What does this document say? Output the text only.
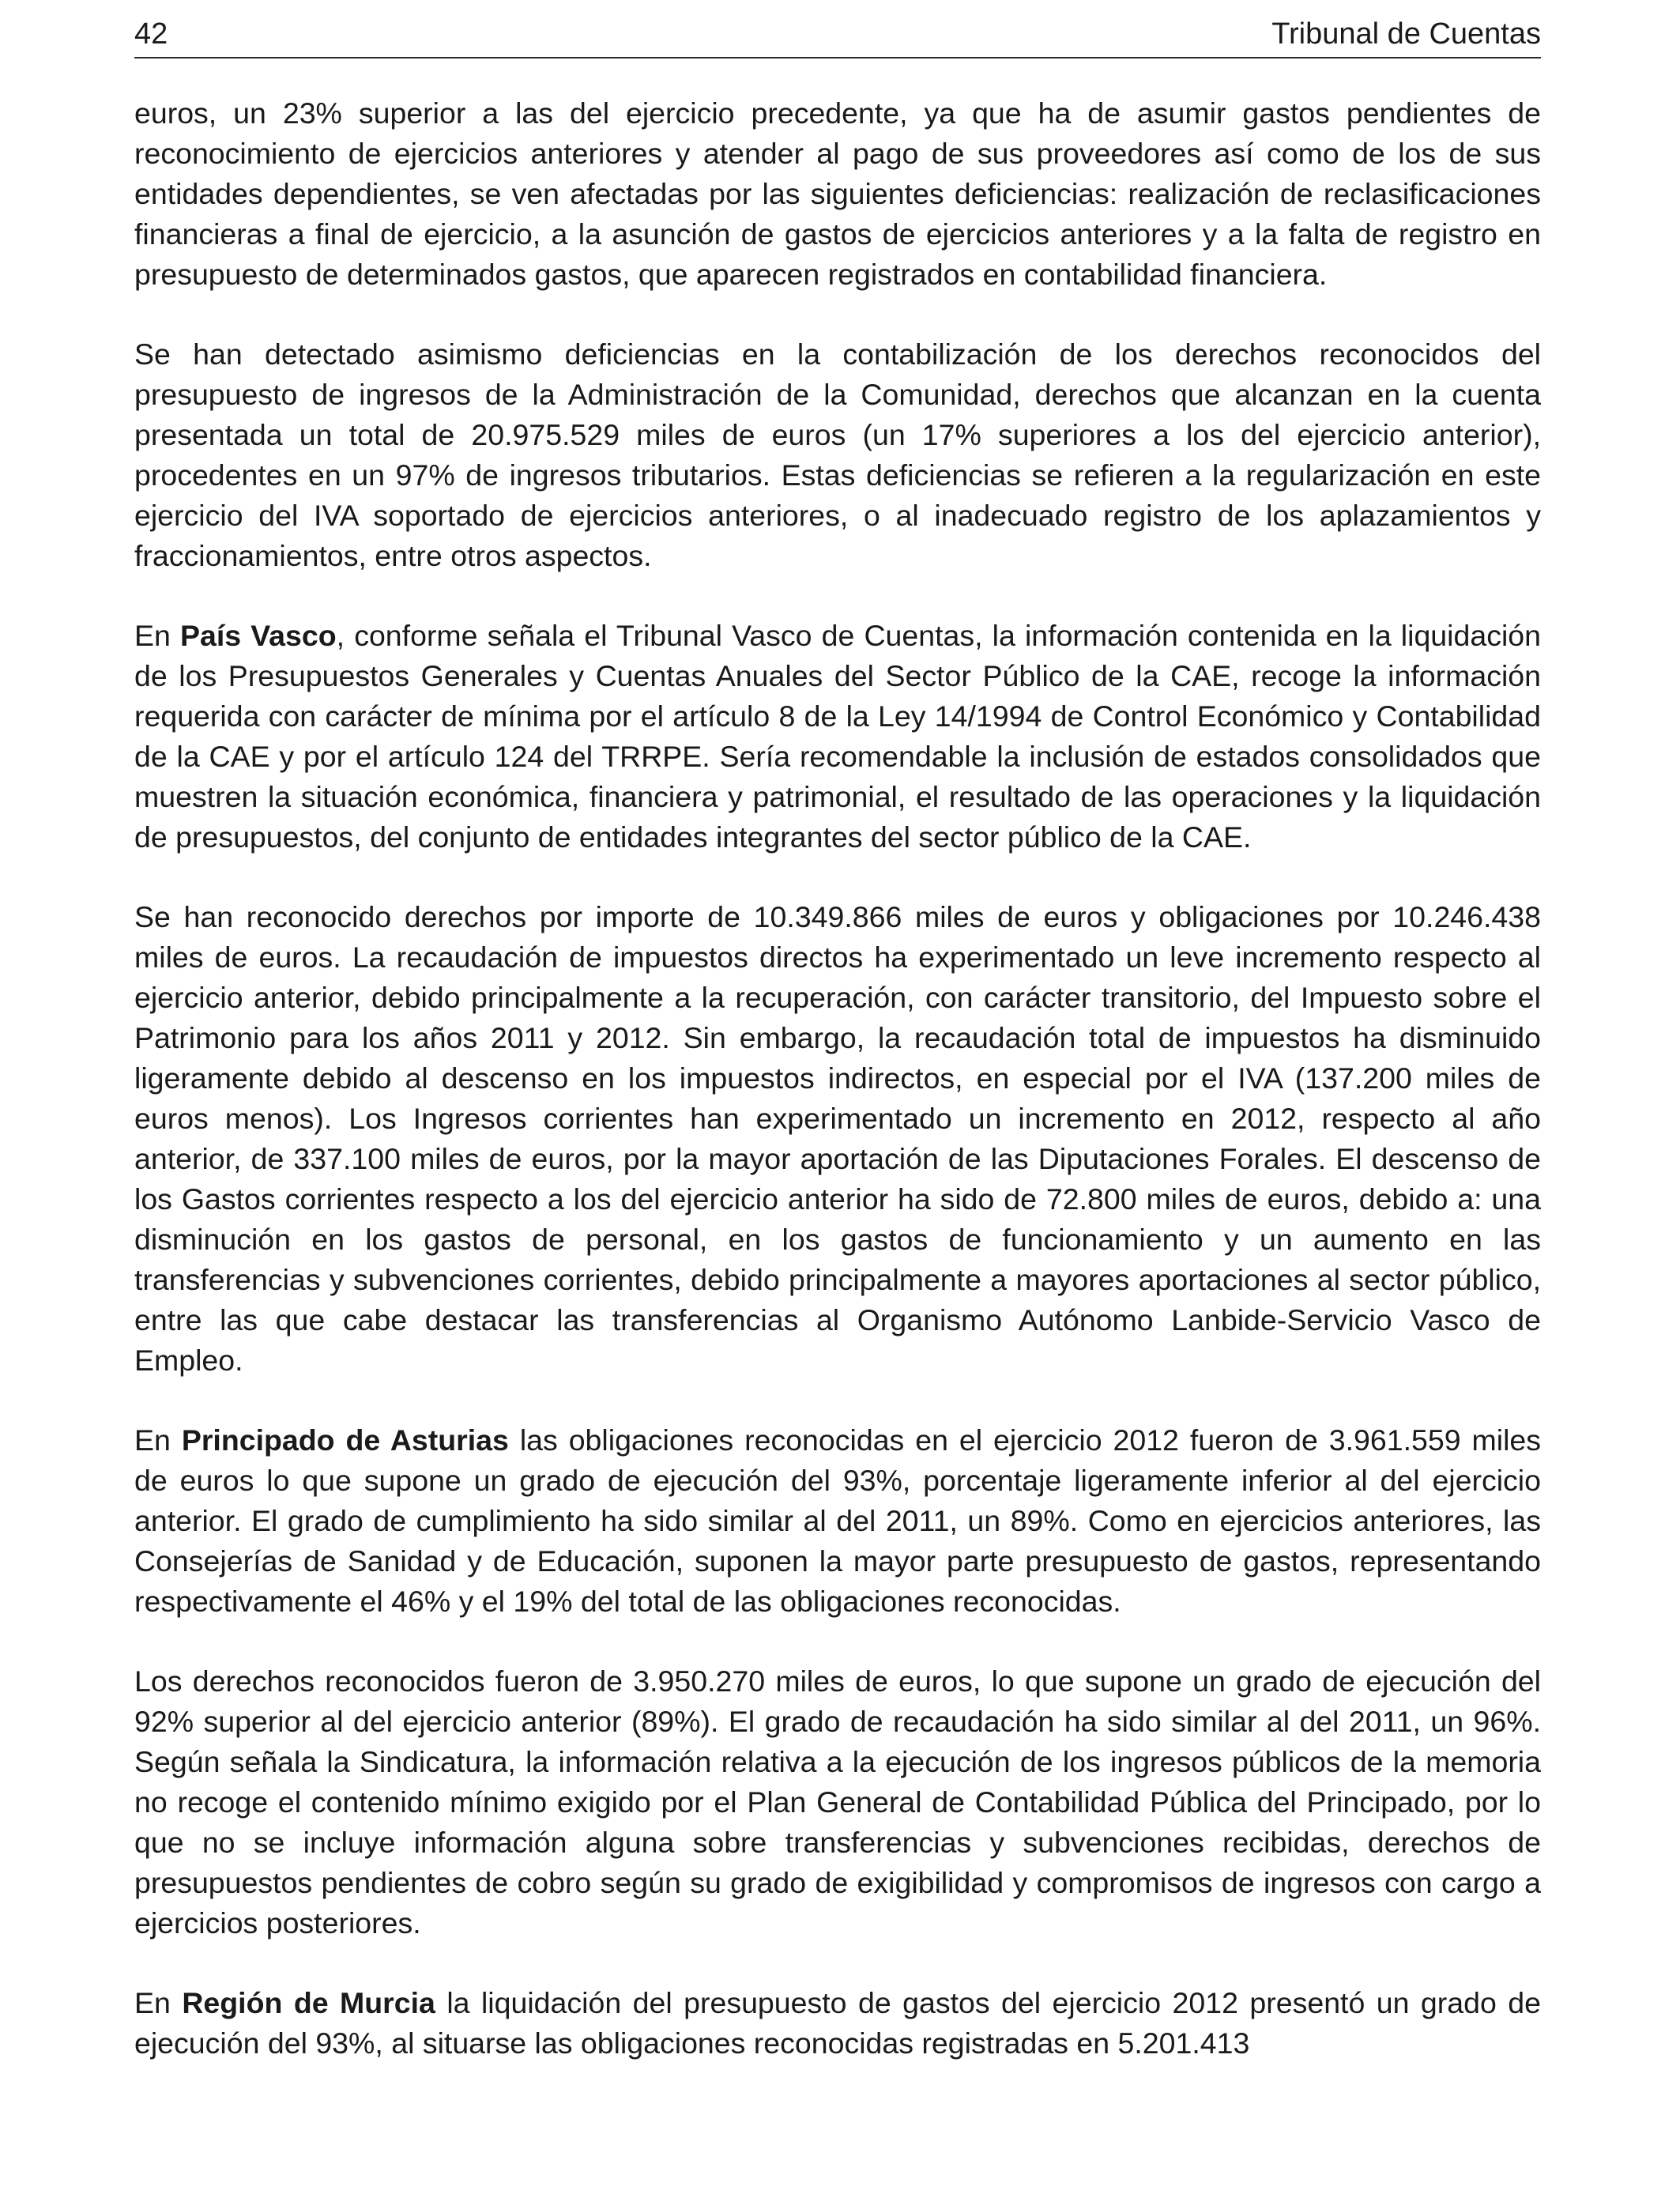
42	Tribunal de Cuentas

euros, un 23% superior a las del ejercicio precedente, ya que ha de asumir gastos pendientes de reconocimiento de ejercicios anteriores y atender al pago de sus proveedores así como de los de sus entidades dependientes, se ven afectadas por las siguientes deficiencias: realización de reclasificaciones financieras a final de ejercicio, a la asunción de gastos de ejercicios anteriores y a la falta de registro en presupuesto de determinados gastos, que aparecen registrados en contabilidad financiera.

Se han detectado asimismo deficiencias en la contabilización de los derechos reconocidos del presupuesto de ingresos de la Administración de la Comunidad, derechos que alcanzan en la cuenta presentada un total de 20.975.529 miles de euros (un 17% superiores a los del ejercicio anterior), procedentes en un 97% de ingresos tributarios. Estas deficiencias se refieren a la regularización en este ejercicio del IVA soportado de ejercicios anteriores, o al inadecuado registro de los aplazamientos y fraccionamientos, entre otros aspectos.

En País Vasco, conforme señala el Tribunal Vasco de Cuentas, la información contenida en la liquidación de los Presupuestos Generales y Cuentas Anuales del Sector Público de la CAE, recoge la información requerida con carácter de mínima por el artículo 8 de la Ley 14/1994 de Control Económico y Contabilidad de la CAE y por el artículo 124 del TRRPE. Sería recomendable la inclusión de estados consolidados que muestren la situación económica, financiera y patrimonial, el resultado de las operaciones y la liquidación de presupuestos, del conjunto de entidades integrantes del sector público de la CAE.

Se han reconocido derechos por importe de 10.349.866 miles de euros y obligaciones por 10.246.438 miles de euros. La recaudación de impuestos directos ha experimentado un leve incremento respecto al ejercicio anterior, debido principalmente a la recuperación, con carácter transitorio, del Impuesto sobre el Patrimonio para los años 2011 y 2012. Sin embargo, la recaudación total de impuestos ha disminuido ligeramente debido al descenso en los impuestos indirectos, en especial por el IVA (137.200 miles de euros menos). Los Ingresos corrientes han experimentado un incremento en 2012, respecto al año anterior, de 337.100 miles de euros, por la mayor aportación de las Diputaciones Forales. El descenso de los Gastos corrientes respecto a los del ejercicio anterior ha sido de 72.800 miles de euros, debido a: una disminución en los gastos de personal, en los gastos de funcionamiento y un aumento en las transferencias y subvenciones corrientes, debido principalmente a mayores aportaciones al sector público, entre las que cabe destacar las transferencias al Organismo Autónomo Lanbide-Servicio Vasco de Empleo.

En Principado de Asturias las obligaciones reconocidas en el ejercicio 2012 fueron de 3.961.559 miles de euros lo que supone un grado de ejecución del 93%, porcentaje ligeramente inferior al del ejercicio anterior. El grado de cumplimiento ha sido similar al del 2011, un 89%. Como en ejercicios anteriores, las Consejerías de Sanidad y de Educación, suponen la mayor parte presupuesto de gastos, representando respectivamente el 46% y el 19% del total de las obligaciones reconocidas.

Los derechos reconocidos fueron de 3.950.270 miles de euros, lo que supone un grado de ejecución del 92% superior al del ejercicio anterior (89%). El grado de recaudación ha sido similar al del 2011, un 96%. Según señala la Sindicatura, la información relativa a la ejecución de los ingresos públicos de la memoria no recoge el contenido mínimo exigido por el Plan General de Contabilidad Pública del Principado, por lo que no se incluye información alguna sobre transferencias y subvenciones recibidas, derechos de presupuestos pendientes de cobro según su grado de exigibilidad y compromisos de ingresos con cargo a ejercicios posteriores.

En Región de Murcia la liquidación del presupuesto de gastos del ejercicio 2012 presentó un grado de ejecución del 93%, al situarse las obligaciones reconocidas registradas en 5.201.413
